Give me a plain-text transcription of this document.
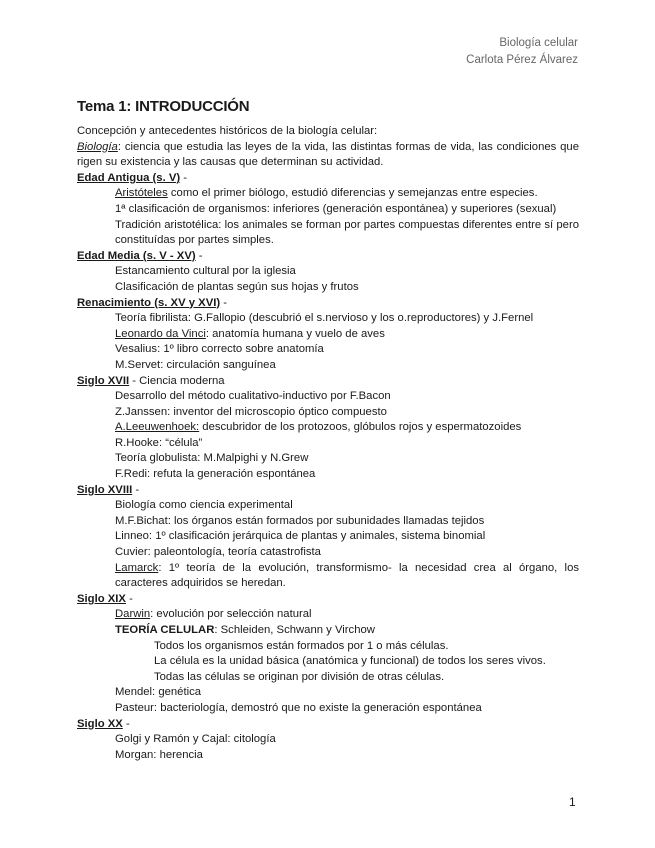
Biología celular
Carlota Pérez Álvarez
Tema 1: INTRODUCCIÓN
Concepción y antecedentes históricos de la biología celular:
Biología: ciencia que estudia las leyes de la vida, las distintas formas de vida, las condiciones que rigen su existencia y las causas que determinan su actividad.
Edad Antigua (s. V) -
Aristóteles como el primer biólogo, estudió diferencias y semejanzas entre especies.
1ª clasificación de organismos: inferiores (generación espontánea) y superiores (sexual)
Tradición aristotélica: los animales se forman por partes compuestas diferentes entre sí pero constituídas por partes simples.
Edad Media (s. V - XV) -
Estancamiento cultural por la iglesia
Clasificación de plantas según sus hojas y frutos
Renacimiento (s. XV y XVI) -
Teoría fibrilista: G.Fallopio (descubrió el s.nervioso y los o.reproductores) y J.Fernel
Leonardo da Vinci: anatomía humana y vuelo de aves
Vesalius: 1º libro correcto sobre anatomía
M.Servet: circulación sanguínea
Siglo XVII - Ciencia moderna
Desarrollo del método cualitativo-inductivo por F.Bacon
Z.Janssen: inventor del microscopio óptico compuesto
A.Leeuwenhoek: descubridor de los protozoos, glóbulos rojos y espermatozoides
R.Hooke: “célula”
Teoría globulista: M.Malpighi y N.Grew
F.Redi: refuta la generación espontánea
Siglo XVIII -
Biología como ciencia experimental
M.F.Bichat: los órganos están formados por subunidades llamadas tejidos
Linneo: 1º clasificación jerárquica de plantas y animales, sistema binomial
Cuvier: paleontología, teoría catastrofista
Lamarck: 1º teoría de la evolución, transformismo- la necesidad crea al órgano, los caracteres adquiridos se heredan.
Siglo XIX -
Darwin: evolución por selección natural
TEORÍA CELULAR: Schleiden, Schwann y Virchow
Todos los organismos están formados por 1 o más células.
La célula es la unidad básica (anatómica y funcional) de todos los seres vivos.
Todas las células se originan por división de otras células.
Mendel: genética
Pasteur: bacteriología, demostró que no existe la generación espontánea
Siglo XX -
Golgi y Ramón y Cajal: citología
Morgan: herencia
1
